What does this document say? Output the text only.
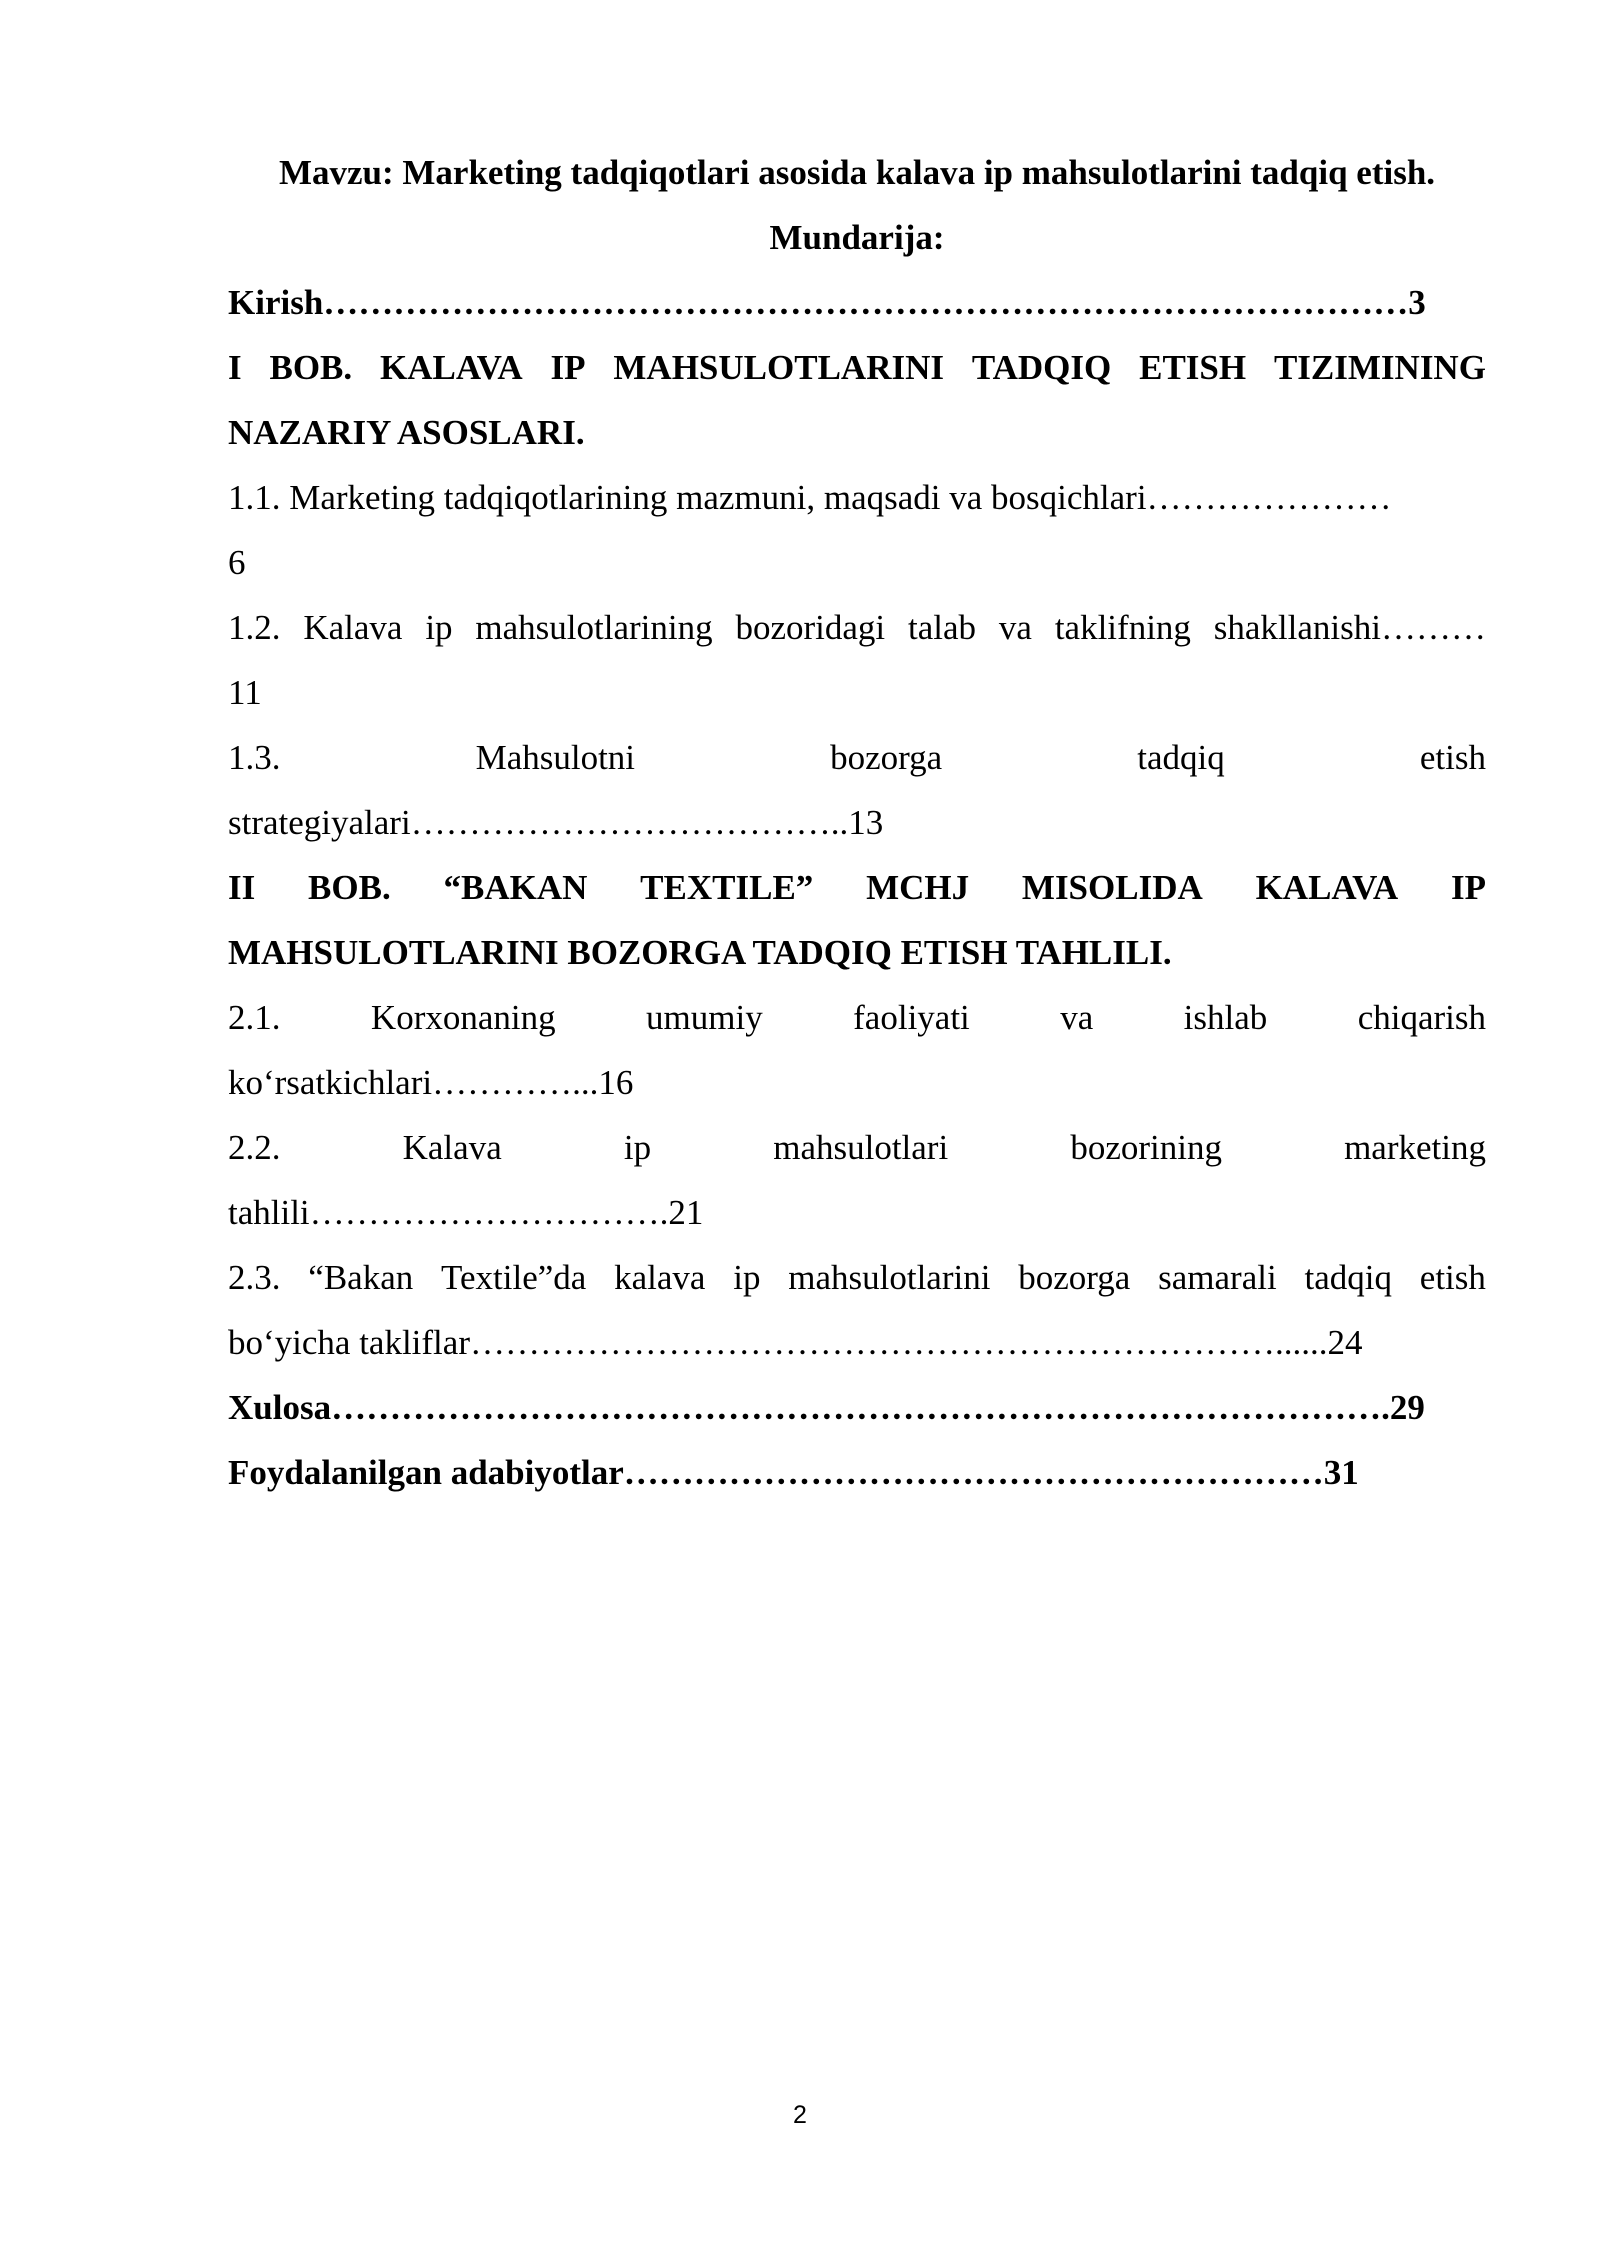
Mavzu: Marketing tadqiqotlari asosida kalava ip mahsulotlarini tadqiq etish.
Mundarija:
Kirish…………………………………………………………………………………3
I BOB. KALAVA IP MAHSULOTLARINI TADQIQ ETISH TIZIMINING
NAZARIY ASOSLARI.
1.1. Marketing tadqiqotlarining mazmuni, maqsadi va bosqichlari…………………
6
1.2. Kalava ip mahsulotlarining bozoridagi talab va taklifning shakllanishi………
11
1.3.	Mahsulotni	bozorga	tadqiq	etish
strategiyalari………………………………..13
II BOB. “BAKAN TEXTILE” MCHJ MISOLIDA KALAVA IP
MAHSULOTLARINI BOZORGA TADQIQ ETISH TAHLILI.
2.1.	Korxonaning	umumiy	faoliyati	va	ishlab	chiqarish
koʻrsatkichlari…………...16
2.2.	Kalava	ip	mahsulotlari	bozorining	marketing
tahlili………………………….21
2.3. “Bakan Textile”da kalava ip mahsulotlarini bozorga samarali tadqiq etish
boʻyicha takliflar……………………………………………………………......24
Xulosa……………………………………………………………………………….29
Foydalanilgan adabiyotlar……………………………………………………31
2
